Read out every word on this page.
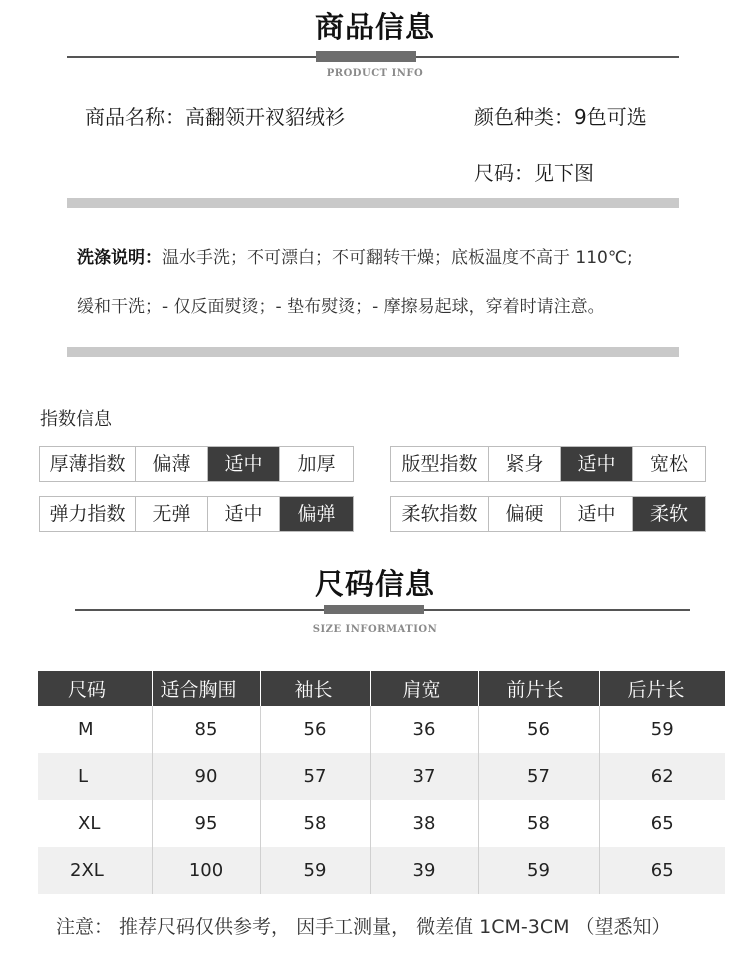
商品信息
PRODUCT INFO
商品名称：高翻领开衩貂绒衫	颜色种类：9色可选
尺码：见下图
洗涤说明：温水手洗；不可漂白；不可翻转干燥；底板温度不高于 110℃;
缓和干洗；- 仅反面熨烫；- 垫布熨烫；- 摩擦易起球，穿着时请注意。
指数信息
厚薄指数	偏薄	适中	加厚	版型指数	紧身	适中	宽松
弹力指数	无弹	适中	偏弹	柔软指数	偏硬	适中	柔软
尺码信息
SIZE INFORMATION
尺码	适合胸围	袖长	肩宽	前片长	后片长
M	85	56	36	56	59
L	90	57	37	57	62
XL	95	58	38	58	65
2XL	100	59	39	59	65
注意： 推荐尺码仅供参考， 因手工测量， 微差值 1CM-3CM （望悉知）
